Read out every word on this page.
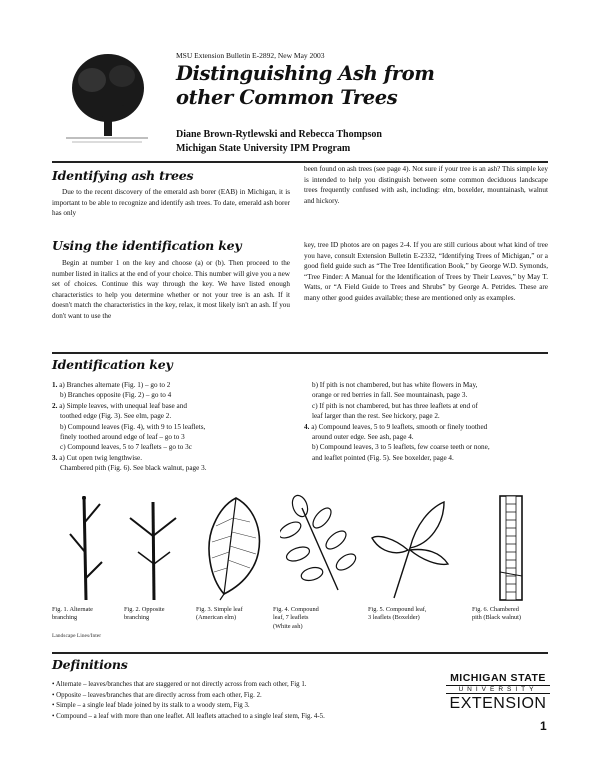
MSU Extension Bulletin E-2892, New May 2003
Distinguishing Ash from
other Common Trees
Diane Brown-Rytlewski and Rebecca Thompson
Michigan State University IPM Program
Identifying ash trees

Due to the recent discovery of the emerald ash borer (EAB) in Michigan, it is important to be able to recognize and identify ash trees. To date, emerald ash borer has only

been found on ash trees (see page 4). Not sure if your tree is an ash? This simple key is intended to help you distinguish between some common deciduous landscape trees frequently confused with ash, including: elm, boxelder, mountainash, walnut and hickory.

Using the identification key

Begin at number 1 on the key and choose (a) or (b). Then proceed to the number listed in italics at the end of your choice. This number will give you a new set of choices. Continue this way through the key. We have listed enough characteristics to help you determine whether or not your tree is an ash. If it doesn't match the characteristics in the key, relax, it most likely isn't an ash. If you don't want to use the

key, tree ID photos are on pages 2-4. If you are still curious about what kind of tree you have, consult Extension Bulletin E-2332, “Identifying Trees of Michigan,” or a good field guide such as “The Tree Identification Book,” by George W.D. Symonds, “Tree Finder: A Manual for the Identification of Trees by Their Leaves,” by May T. Watts, or “A Field Guide to Trees and Shrubs” by George A. Petrides. These are many other good guides available; these are mentioned only as examples.

Identification key
1. a) Branches alternate (Fig. 1) – go to 2
b) Branches opposite (Fig. 2) – go to 4
2. a) Simple leaves, with unequal leaf base and
toothed edge (Fig. 3). See elm, page 2.
b) Compound leaves (Fig. 4), with 9 to 15 leaflets,
finely toothed around edge of leaf – go to 3
c) Compound leaves, 5 to 7 leaflets – go to 3c
3. a) Cut open twig lengthwise.
Chambered pith (Fig. 6). See black walnut, page 3.
b) If pith is not chambered, but has white flowers in May,
orange or red berries in fall. See mountainash, page 3.
c) If pith is not chambered, but has three leaflets at end of
leaf larger than the rest. See hickory, page 2.
4. a) Compound leaves, 5 to 9 leaflets, smooth or finely toothed
around outer edge. See ash, page 4.
b) Compound leaves, 3 to 5 leaflets, few coarse teeth or none,
and leaflet pointed (Fig. 5). See boxelder, page 4.
Fig. 1. Alternate
branching
Fig. 2. Opposite
branching
Fig. 3. Simple leaf
(American elm)
Fig. 4. Compound
leaf, 7 leaflets
(White ash)
Fig. 5. Compound leaf,
3 leaflets (Boxelder)
Fig. 6. Chambered
pith (Black walnut)
Landscape Lines/Inter
Definitions
• Alternate – leaves/branches that are staggered or not directly across from each other, Fig 1.
• Opposite – leaves/branches that are directly across from each other, Fig. 2.
• Simple – a single leaf blade joined by its stalk to a woody stem, Fig 3.
• Compound – a leaf with more than one leaflet. All leaflets attached to a single leaf stem, Fig. 4-5.
MICHIGAN STATE
UNIVERSITY
EXTENSION
1
